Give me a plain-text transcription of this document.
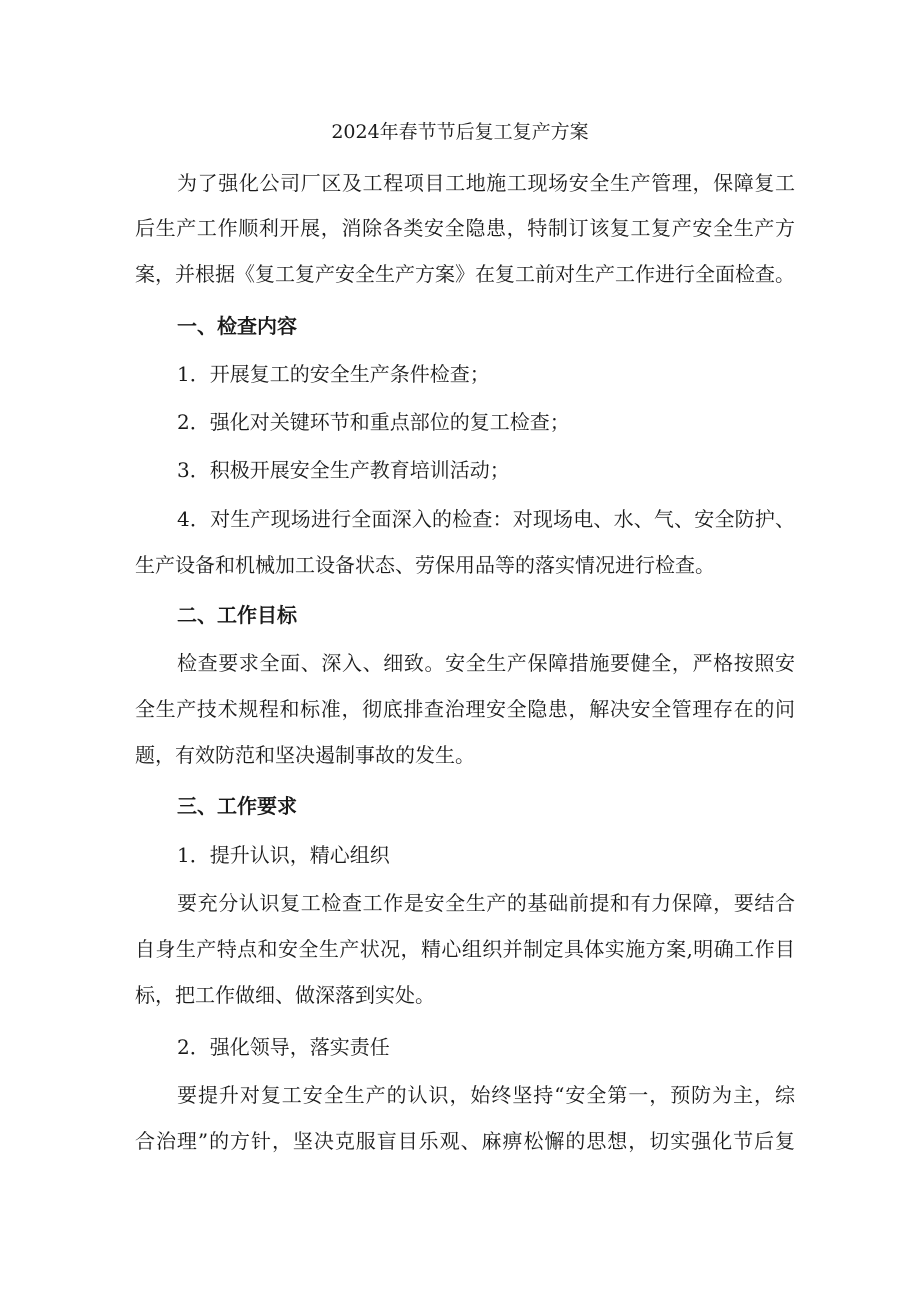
2024年春节节后复工复产方案

为了强化公司厂区及工程项目工地施工现场安全生产管理，保障复工

后生产工作顺利开展，消除各类安全隐患，特制订该复工复产安全生产方

案，并根据《复工复产安全生产方案》在复工前对生产工作进行全面检查。

一、检查内容

1．开展复工的安全生产条件检查；

2．强化对关键环节和重点部位的复工检查；

3．积极开展安全生产教育培训活动；

4．对生产现场进行全面深入的检查：对现场电、水、气、安全防护、

生产设备和机械加工设备状态、劳保用品等的落实情况进行检查。

二、工作目标

检查要求全面、深入、细致。安全生产保障措施要健全，严格按照安

全生产技术规程和标准，彻底排查治理安全隐患，解决安全管理存在的问

题，有效防范和坚决遏制事故的发生。

三、工作要求

1．提升认识，精心组织

要充分认识复工检查工作是安全生产的基础前提和有力保障，要结合

自身生产特点和安全生产状况，精心组织并制定具体实施方案,明确工作目

标，把工作做细、做深落到实处。

2．强化领导，落实责任

要提升对复工安全生产的认识，始终坚持“安全第一，预防为主，综

合治理”的方针，坚决克服盲目乐观、麻痹松懈的思想，切实强化节后复
